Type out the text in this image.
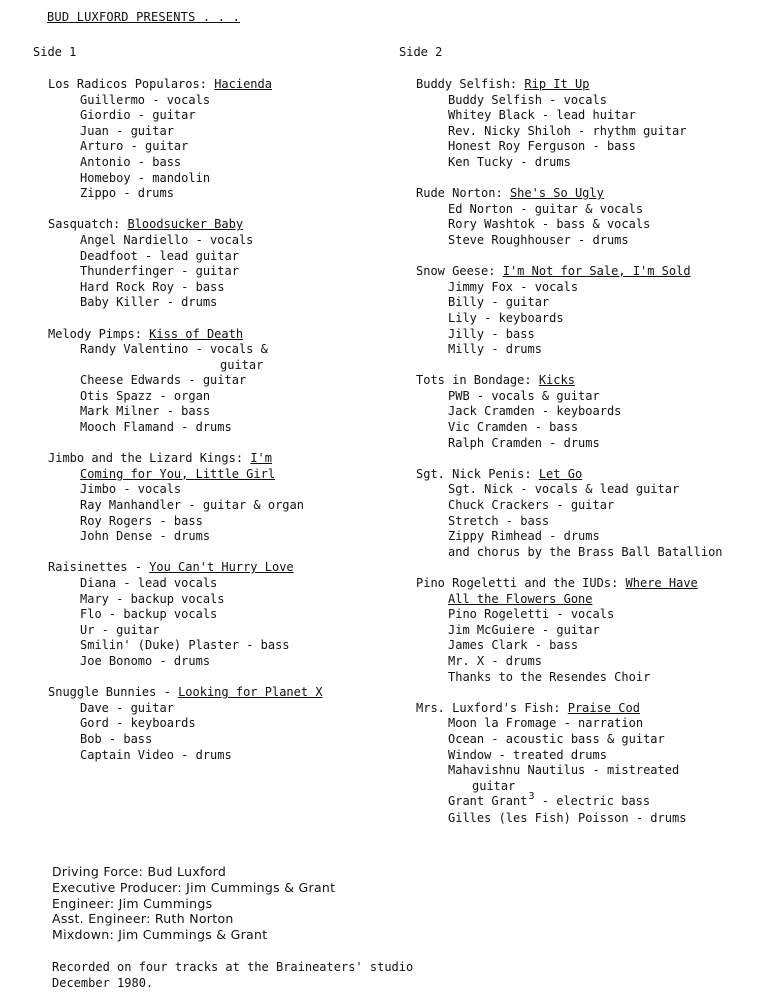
BUD LUXFORD PRESENTS . . .
Side 1	Side 2
Los Radicos Popularos: Hacienda
Guillermo - vocals
Giordio - guitar
Juan - guitar
Arturo - guitar
Antonio - bass
Homeboy - mandolin
Zippo - drums
Sasquatch: Bloodsucker Baby
Angel Nardiello - vocals
Deadfoot - lead guitar
Thunderfinger - guitar
Hard Rock Roy - bass
Baby Killer - drums
Melody Pimps: Kiss of Death
Randy Valentino - vocals &
guitar
Cheese Edwards - guitar
Otis Spazz - organ
Mark Milner - bass
Mooch Flamand - drums
Jimbo and the Lizard Kings: I'm
Coming for You, Little Girl
Jimbo - vocals
Ray Manhandler - guitar & organ
Roy Rogers - bass
John Dense - drums
Raisinettes - You Can't Hurry Love
Diana - lead vocals
Mary - backup vocals
Flo - backup vocals
Ur - guitar
Smilin' (Duke) Plaster - bass
Joe Bonomo - drums
Snuggle Bunnies - Looking for Planet X
Dave - guitar
Gord - keyboards
Bob - bass
Captain Video - drums
Buddy Selfish: Rip It Up
Buddy Selfish - vocals
Whitey Black - lead huitar
Rev. Nicky Shiloh - rhythm guitar
Honest Roy Ferguson - bass
Ken Tucky - drums
Rude Norton: She's So Ugly
Ed Norton - guitar & vocals
Rory Washtok - bass & vocals
Steve Roughhouser - drums
Snow Geese: I'm Not for Sale, I'm Sold
Jimmy Fox - vocals
Billy - guitar
Lily - keyboards
Jilly - bass
Milly - drums
Tots in Bondage: Kicks
PWB - vocals & guitar
Jack Cramden - keyboards
Vic Cramden - bass
Ralph Cramden - drums
Sgt. Nick Penis: Let Go
Sgt. Nick - vocals & lead guitar
Chuck Crackers - guitar
Stretch - bass
Zippy Rimhead - drums
and chorus by the Brass Ball Batallion
Pino Rogeletti and the IUDs: Where Have
All the Flowers Gone
Pino Rogeletti - vocals
Jim McGuiere - guitar
James Clark - bass
Mr. X - drums
Thanks to the Resendes Choir
Mrs. Luxford's Fish: Praise Cod
Moon la Fromage - narration
Ocean - acoustic bass & guitar
Window - treated drums
Mahavishnu Nautilus - mistreated
guitar
Grant Grant$^3$ - electric bass
Gilles (les Fish) Poisson - drums
Driving Force: Bud Luxford
Executive Producer: Jim Cummings & Grant
Engineer: Jim Cummings
Asst. Engineer: Ruth Norton
Mixdown: Jim Cummings & Grant
Recorded on four tracks at the Braineaters' studio
December 1980.
